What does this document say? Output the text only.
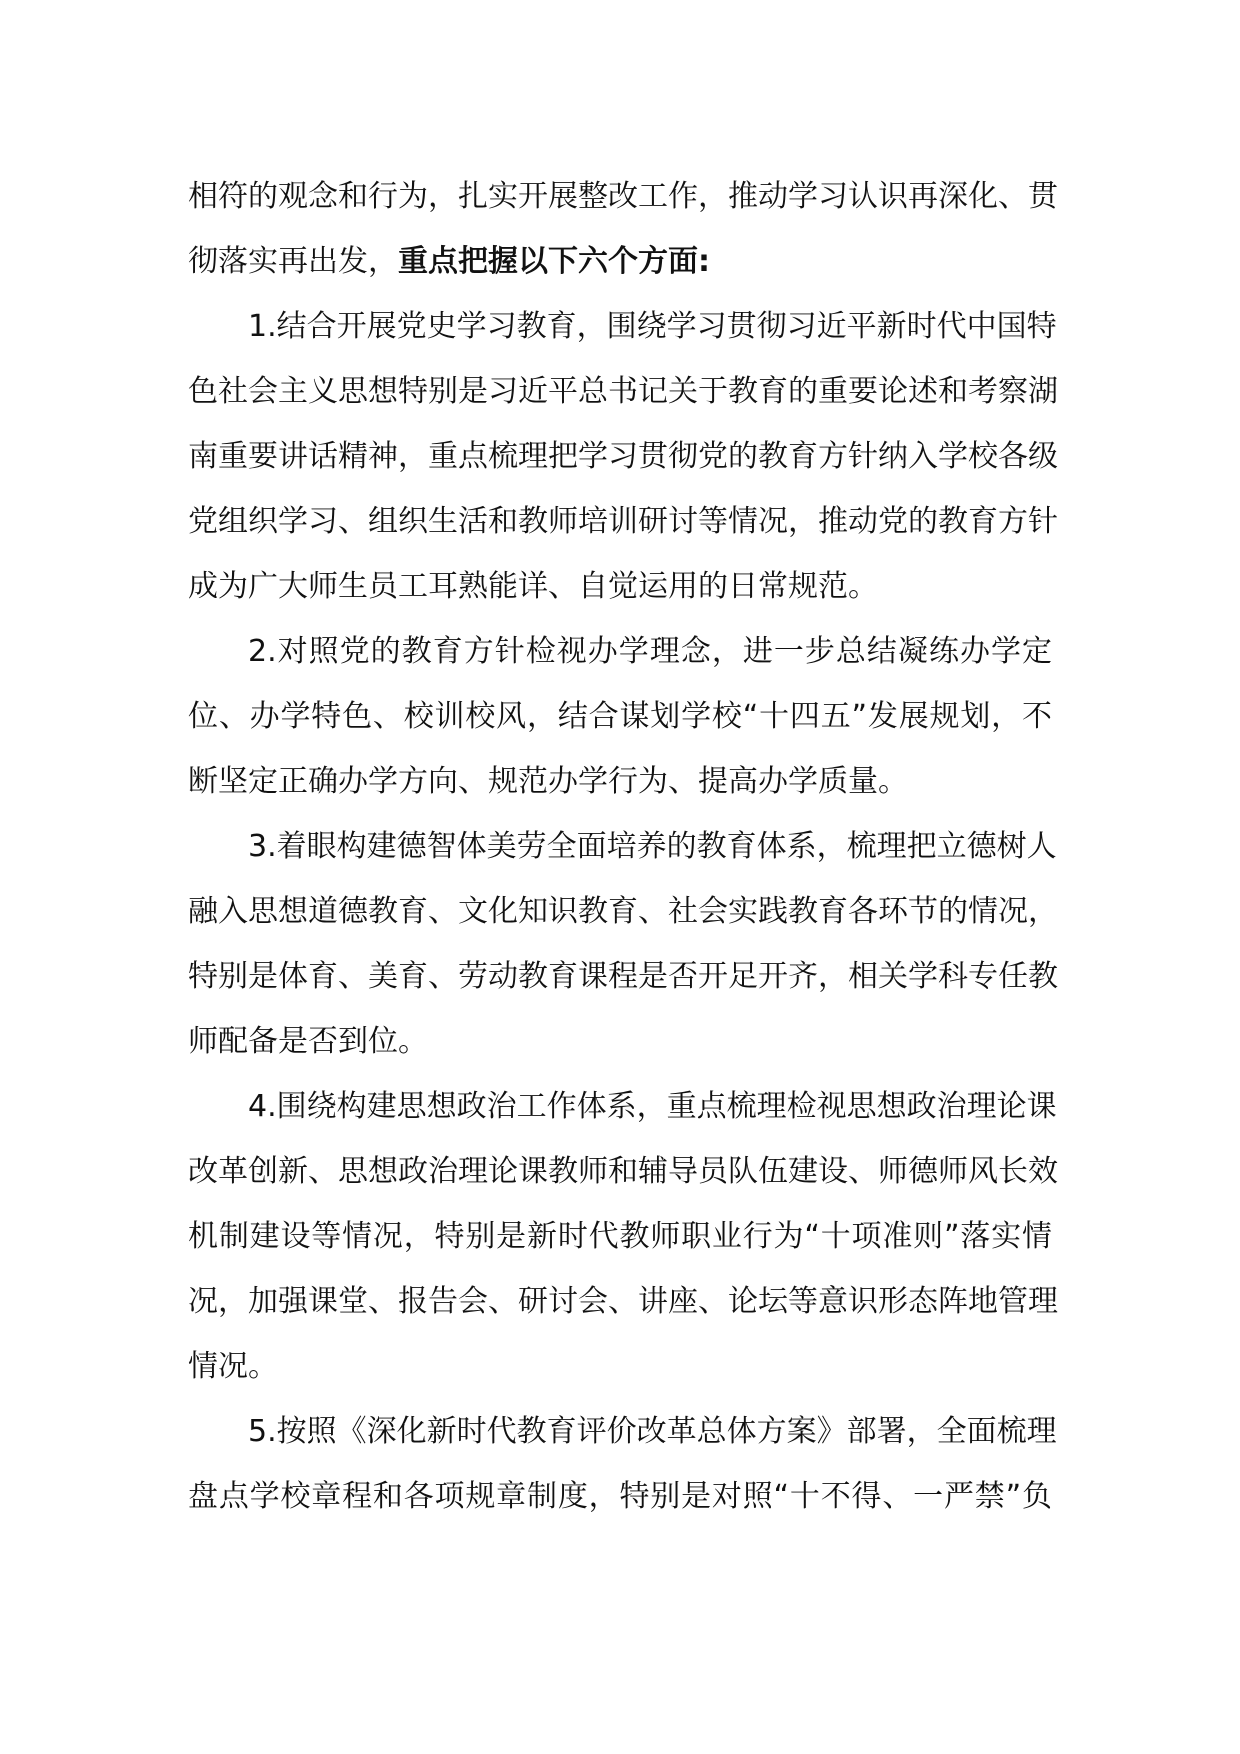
相符的观念和行为，扎实开展整改工作，推动学习认识再深化、贯
彻落实再出发，重点把握以下六个方面:
1.结合开展党史学习教育，围绕学习贯彻习近平新时代中国特
色社会主义思想特别是习近平总书记关于教育的重要论述和考察湖
南重要讲话精神，重点梳理把学习贯彻党的教育方针纳入学校各级
党组织学习、组织生活和教师培训研讨等情况，推动党的教育方针
成为广大师生员工耳熟能详、自觉运用的日常规范。
2.对照党的教育方针检视办学理念，进一步总结凝练办学定
位、办学特色、校训校风，结合谋划学校“十四五”发展规划，不
断坚定正确办学方向、规范办学行为、提高办学质量。
3.着眼构建德智体美劳全面培养的教育体系，梳理把立德树人
融入思想道德教育、文化知识教育、社会实践教育各环节的情况，
特别是体育、美育、劳动教育课程是否开足开齐，相关学科专任教
师配备是否到位。
4.围绕构建思想政治工作体系，重点梳理检视思想政治理论课
改革创新、思想政治理论课教师和辅导员队伍建设、师德师风长效
机制建设等情况，特别是新时代教师职业行为“十项准则”落实情
况，加强课堂、报告会、研讨会、讲座、论坛等意识形态阵地管理
情况。
5.按照《深化新时代教育评价改革总体方案》部署，全面梳理
盘点学校章程和各项规章制度，特别是对照“十不得、一严禁”负
